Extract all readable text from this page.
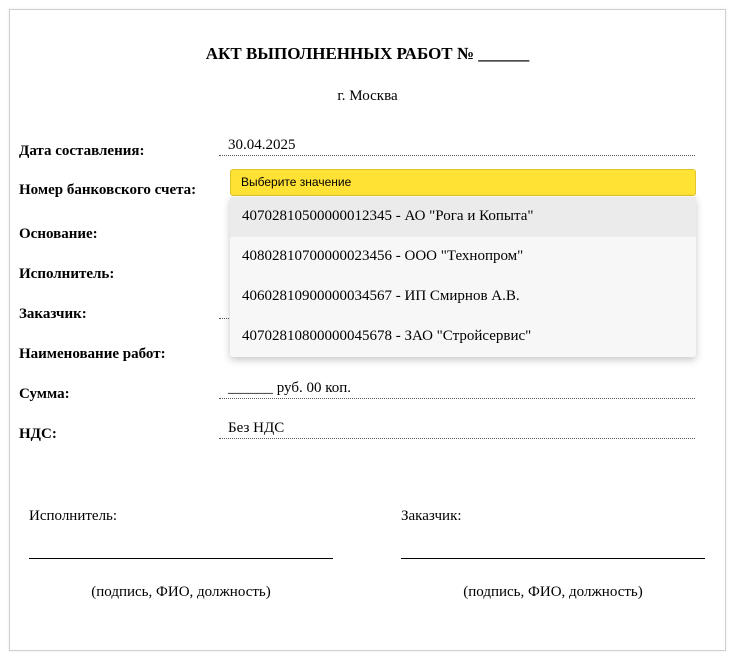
АКТ ВЫПОЛНЕННЫХ РАБОТ № ______
г. Москва
Дата составления:	30.04.2025
Номер банковского счета:
Основание:
Исполнитель:
Заказчик:
Наименование работ:
Сумма:	______ руб. 00 коп.
НДС:	Без НДС
Выберите значение
40702810500000012345 - АО "Рога и Копыта"
40802810700000023456 - ООО "Технопром"
40602810900000034567 - ИП Смирнов А.В.
40702810800000045678 - ЗАО "Стройсервис"
Исполнитель:	Заказчик:
(подпись, ФИО, должность)	(подпись, ФИО, должность)
